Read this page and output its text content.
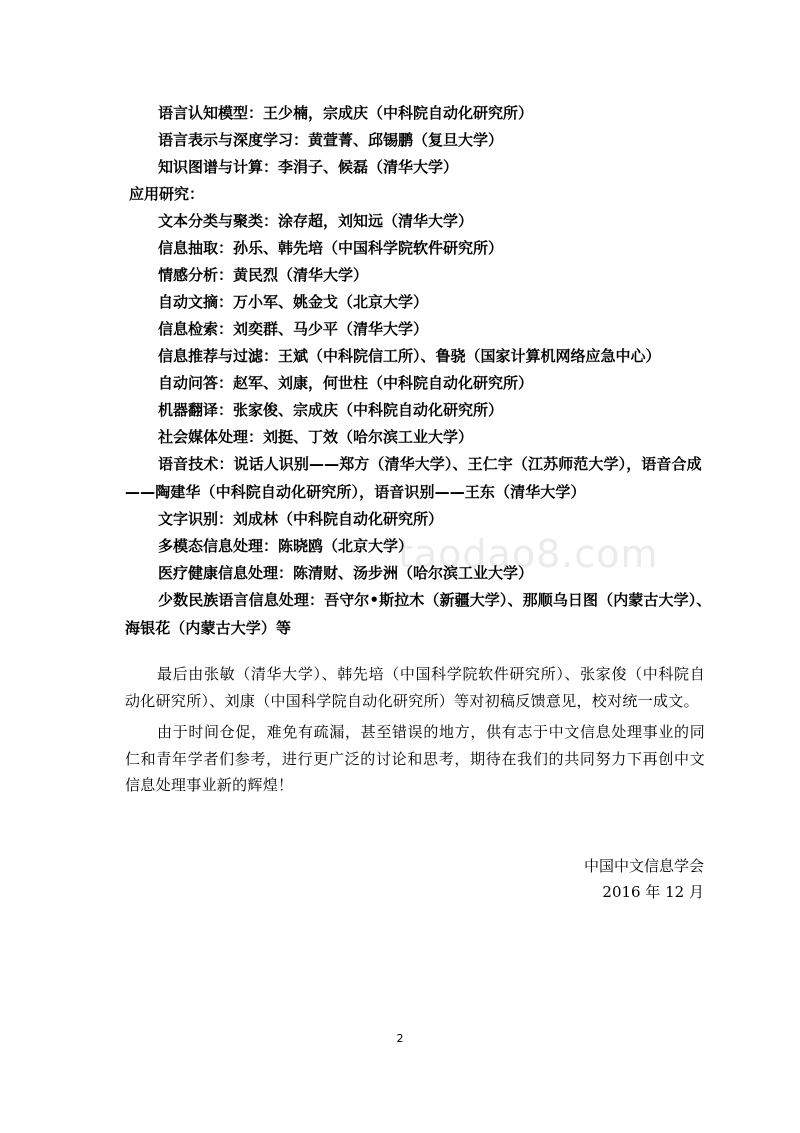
taodao8.com
语言认知模型：王少楠，宗成庆（中科院自动化研究所）
语言表示与深度学习：黄萱菁、邱锡鹏（复旦大学）
知识图谱与计算：李涓子、候磊（清华大学）
应用研究：
文本分类与聚类：涂存超，刘知远（清华大学）
信息抽取：孙乐、韩先培（中国科学院软件研究所）
情感分析：黄民烈（清华大学）
自动文摘：万小军、姚金戈（北京大学）
信息检索：刘奕群、马少平（清华大学）
信息推荐与过滤：王斌（中科院信工所）、鲁骁（国家计算机网络应急中心）
自动问答：赵军、刘康，何世柱（中科院自动化研究所）
机器翻译：张家俊、宗成庆（中科院自动化研究所）
社会媒体处理：刘挺、丁效（哈尔滨工业大学）
语音技术：说话人识别——郑方（清华大学）、王仁宇（江苏师范大学），语音合成——陶建华（中科院自动化研究所），语音识别——王东（清华大学）
文字识别：刘成林（中科院自动化研究所）
多模态信息处理：陈晓鸥（北京大学）
医疗健康信息处理：陈清财、汤步洲（哈尔滨工业大学）
少数民族语言信息处理：吾守尔•斯拉木（新疆大学）、那顺乌日图（内蒙古大学）、海银花（内蒙古大学）等

最后由张敏（清华大学）、韩先培（中国科学院软件研究所）、张家俊（中科院自动化研究所）、刘康（中国科学院自动化研究所）等对初稿反馈意见，校对统一成文。

由于时间仓促，难免有疏漏，甚至错误的地方，供有志于中文信息处理事业的同仁和青年学者们参考，进行更广泛的讨论和思考，期待在我们的共同努力下再创中文信息处理事业新的辉煌！

中国中文信息学会
2016 年 12 月
2
